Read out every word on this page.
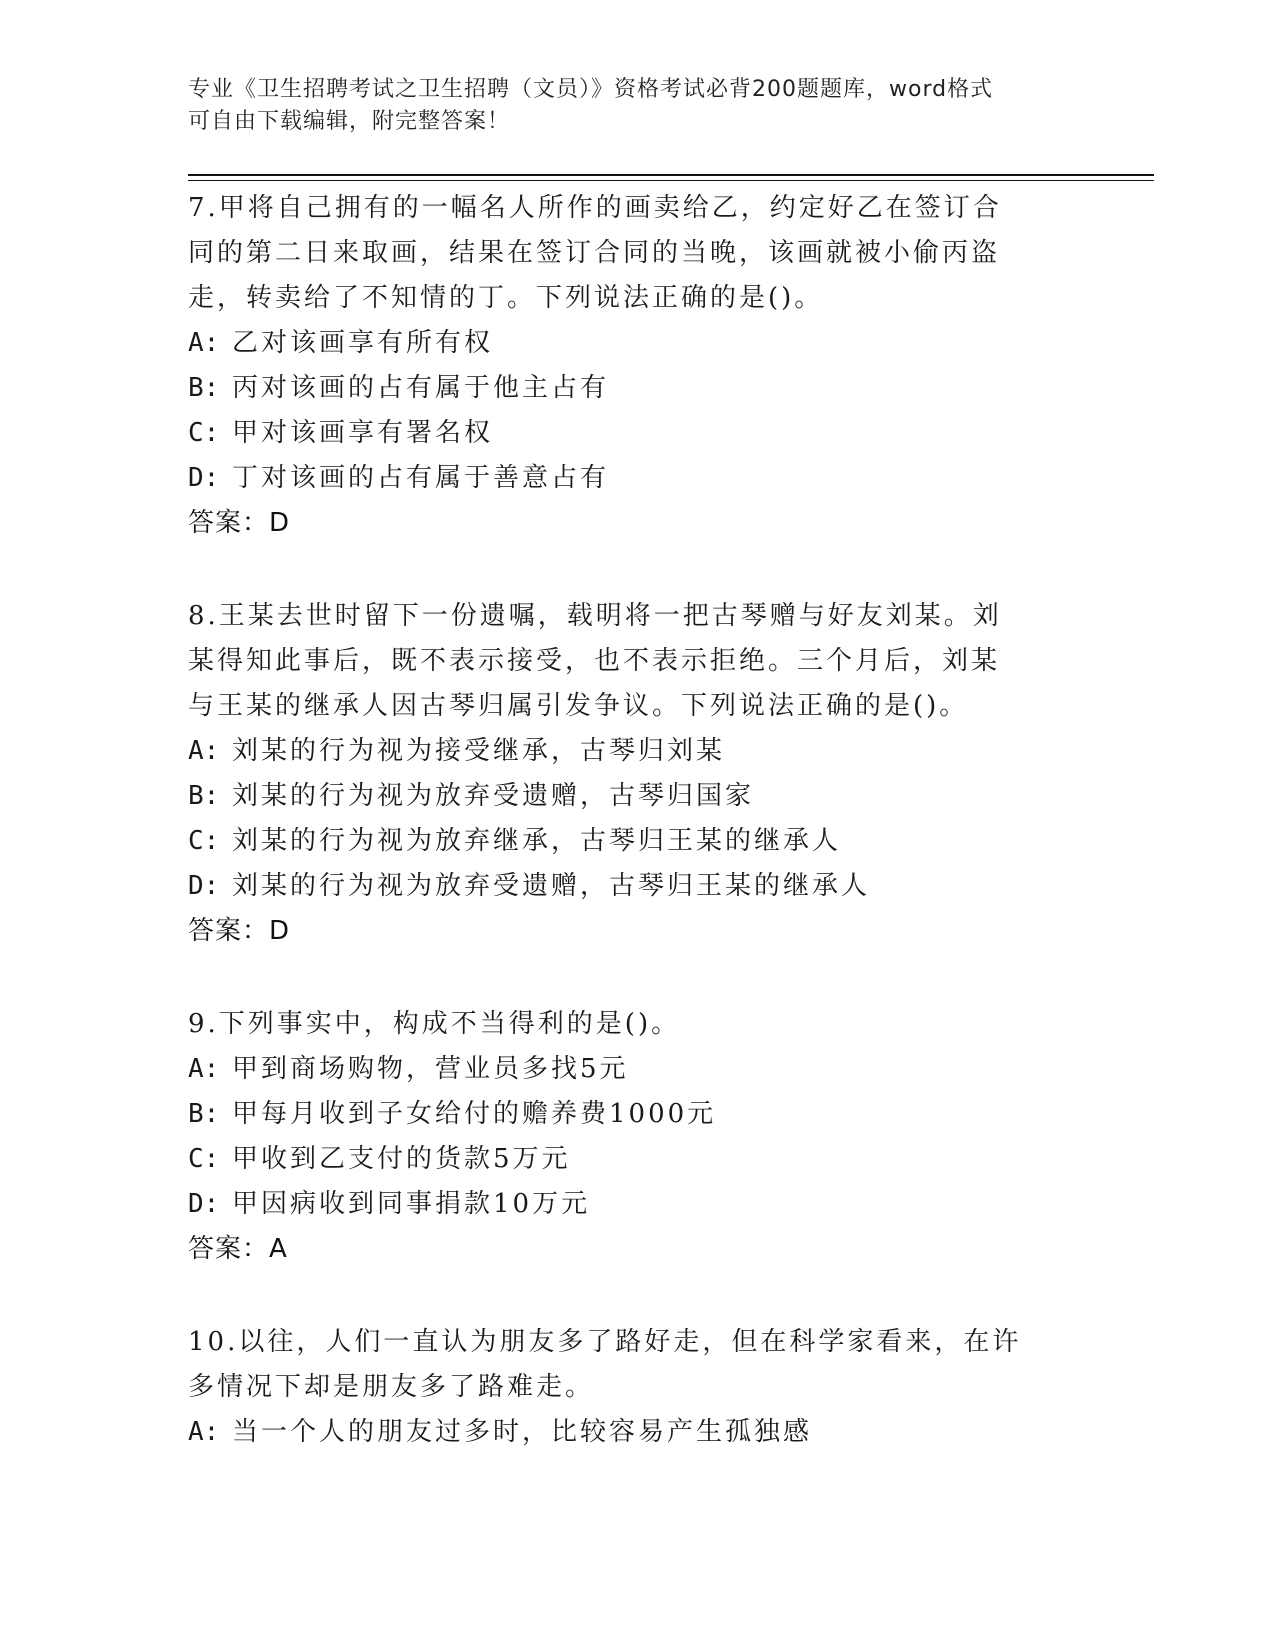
专业《卫生招聘考试之卫生招聘（文员）》资格考试必背200题题库，word格式
可自由下载编辑，附完整答案！
7.甲将自己拥有的一幅名人所作的画卖给乙，约定好乙在签订合同的第二日来取画，结果在签订合同的当晚，该画就被小偷丙盗走，转卖给了不知情的丁。下列说法正确的是()。
A: 乙对该画享有所有权
B: 丙对该画的占有属于他主占有
C: 甲对该画享有署名权
D: 丁对该画的占有属于善意占有
答案：D
8.王某去世时留下一份遗嘱，载明将一把古琴赠与好友刘某。刘某得知此事后，既不表示接受，也不表示拒绝。三个月后，刘某与王某的继承人因古琴归属引发争议。下列说法正确的是()。
A: 刘某的行为视为接受继承，古琴归刘某
B: 刘某的行为视为放弃受遗赠，古琴归国家
C: 刘某的行为视为放弃继承，古琴归王某的继承人
D: 刘某的行为视为放弃受遗赠，古琴归王某的继承人
答案：D
9.下列事实中，构成不当得利的是()。
A: 甲到商场购物，营业员多找5元
B: 甲每月收到子女给付的赡养费1000元
C: 甲收到乙支付的货款5万元
D: 甲因病收到同事捐款10万元
答案：A
10.以往，人们一直认为朋友多了路好走，但在科学家看来，在许多情况下却是朋友多了路难走。
A: 当一个人的朋友过多时，比较容易产生孤独感
